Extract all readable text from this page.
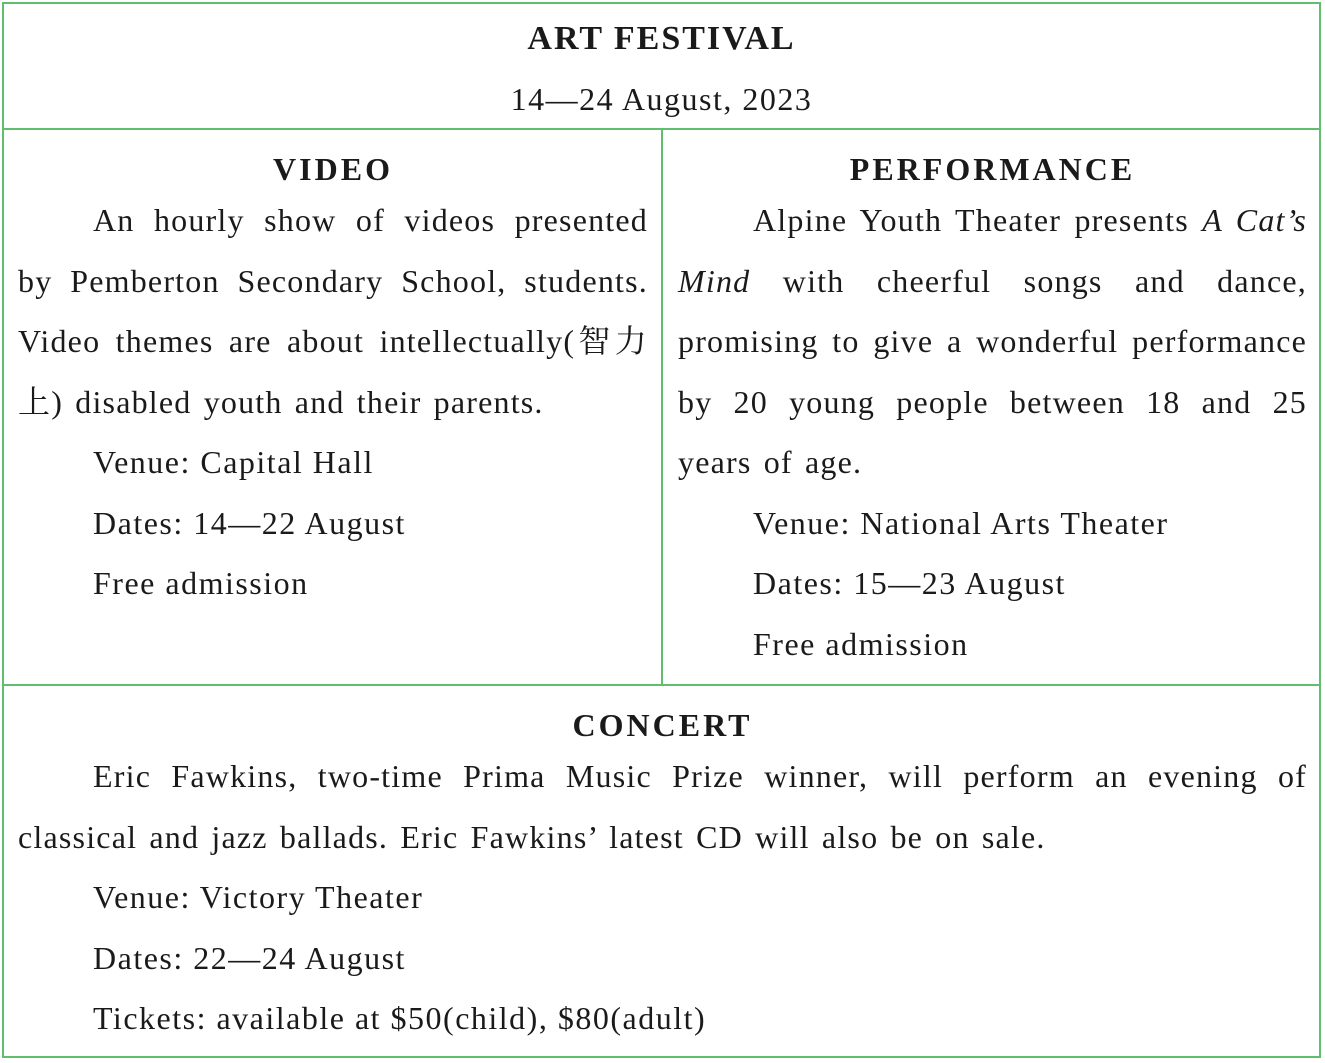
ART FESTIVAL

14—24 August, 2023

VIDEO

An hourly show of videos presented by Pemberton Secondary School, students. Video themes are about intellectually(智力上) disabled youth and their parents.

Venue: Capital Hall

Dates: 14—22 August

Free admission

PERFORMANCE

Alpine Youth Theater presents A Cat’s Mind with cheerful songs and dance, promising to give a wonderful performance by 20 young people between 18 and 25 years of age.

Venue: National Arts Theater

Dates: 15—23 August

Free admission

CONCERT

Eric Fawkins, two-time Prima Music Prize winner, will perform an evening of classical and jazz ballads. Eric Fawkins’ latest CD will also be on sale.

Venue: Victory Theater

Dates: 22—24 August

Tickets: available at $50(child), $80(adult)
